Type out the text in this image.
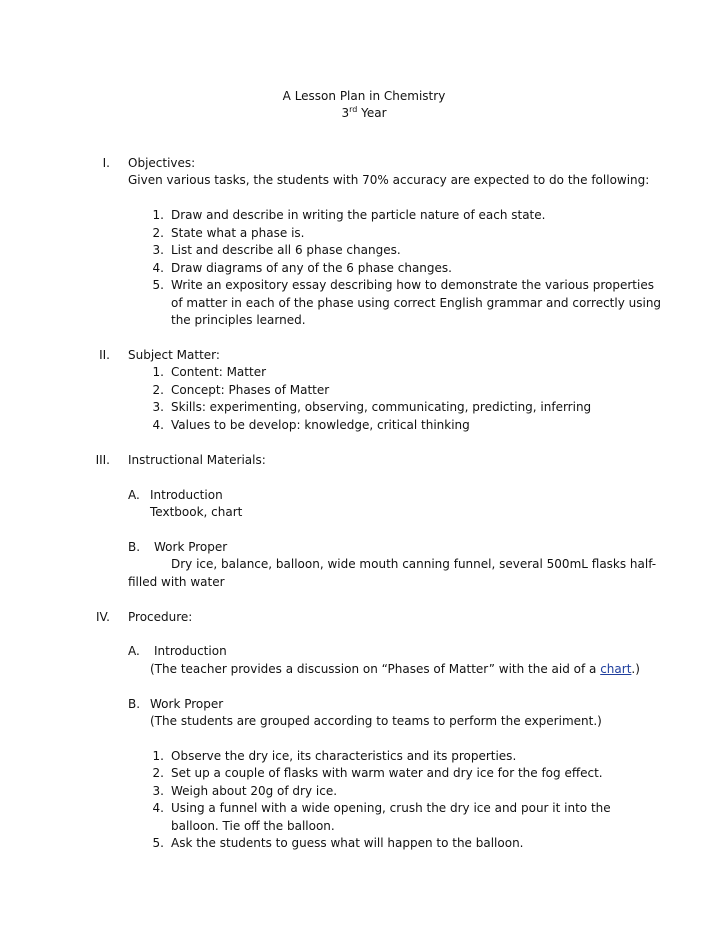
A Lesson Plan in Chemistry
3rd Year
I. Objectives:
Given various tasks, the students with 70% accuracy are expected to do the following:
1. Draw and describe in writing the particle nature of each state.
2. State what a phase is.
3. List and describe all 6 phase changes.
4. Draw diagrams of any of the 6 phase changes.
5. Write an expository essay describing how to demonstrate the various properties
of matter in each of the phase using correct English grammar and correctly using
the principles learned.
II. Subject Matter:
1. Content: Matter
2. Concept: Phases of Matter
3. Skills: experimenting, observing, communicating, predicting, inferring
4. Values to be develop: knowledge, critical thinking
III. Instructional Materials:
A. Introduction
Textbook, chart
B. Work Proper
Dry ice, balance, balloon, wide mouth canning funnel, several 500mL flasks half-
filled with water
IV. Procedure:
A. Introduction
(The teacher provides a discussion on “Phases of Matter” with the aid of a chart.)
B. Work Proper
(The students are grouped according to teams to perform the experiment.)
1. Observe the dry ice, its characteristics and its properties.
2. Set up a couple of flasks with warm water and dry ice for the fog effect.
3. Weigh about 20g of dry ice.
4. Using a funnel with a wide opening, crush the dry ice and pour it into the
balloon. Tie off the balloon.
5. Ask the students to guess what will happen to the balloon.
